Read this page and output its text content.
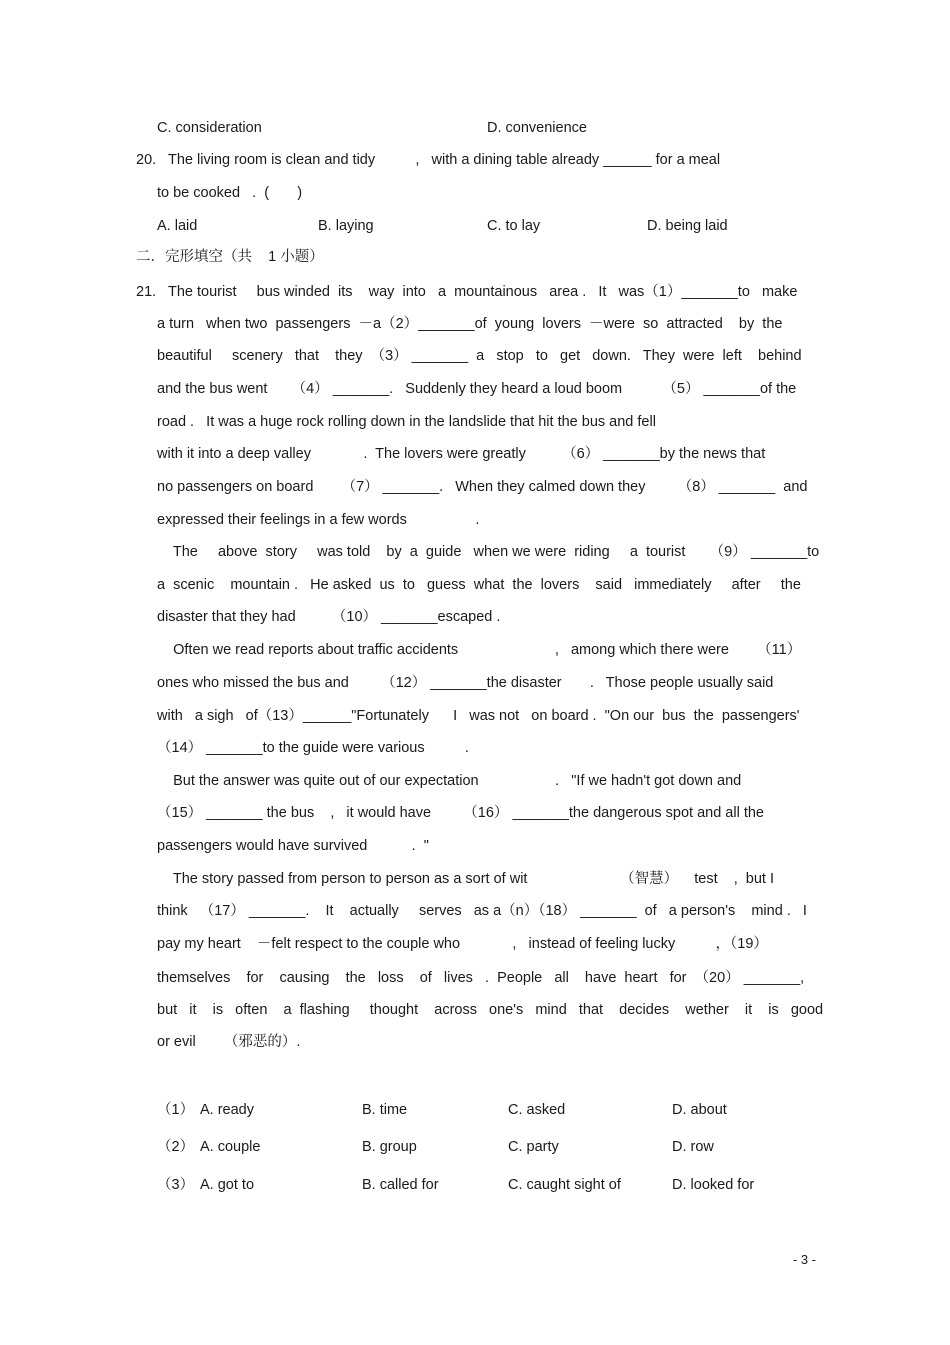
C. consideration	D. convenience
20.   The living room is clean and tidy          ,   with a dining table already ______ for a meal
to be cooked   .  (       )
A. laid	B. laying	C. to lay	D. being laid
二．完形填空（共    1 小题）
21.   The tourist     bus winded  its    way  into   a  mountainous   area .   It   was（1）_______to   make
a turn   when two  passengers  －a（2）_______of  young  lovers  －were  so  attracted    by  the
beautiful     scenery   that    they  （3） _______  a   stop   to   get   down.   They  were  left    behind
and the bus went      （4） _______.   Suddenly they heard a loud boom          （5） _______of the
road .   It was a huge rock rolling down in the landslide that hit the bus and fell
with it into a deep valley             .  The lovers were greatly         （6） _______by the news that
no passengers on board       （7） _______.   When they calmed down they        （8） _______  and
expressed their feelings in a few words                 .
The     above  story     was told    by  a  guide   when we were  riding     a  tourist      （9） _______to
a  scenic    mountain .   He asked  us  to   guess  what  the  lovers    said   immediately     after     the
disaster that they had         （10） _______escaped .
Often we read reports about traffic accidents                        ,   among which there were       （11）
ones who missed the bus and        （12） _______the disaster       .   Those people usually said
with   a sigh   of（13）______"Fortunately      I   was not   on board .  "On our  bus  the  passengers'
（14） _______to the guide were various          .
But the answer was quite out of our expectation                   .   "If we hadn't got down and
（15） _______ the bus    ,   it would have        （16） _______the dangerous spot and all the
passengers would have survived           .  "
The story passed from person to person as a sort of wit                       （智慧）    test    ,  but I
think   （17） _______.    It    actually     serves   as a（n）（18） _______  of   a person's    mind .   I
pay my heart    －felt respect to the couple who             ,   instead of feeling lucky          ，（19）
themselves    for    causing    the   loss    of   lives   .  People   all    have  heart   for  （20） _______,
but   it    is   often    a  flashing     thought    across   one's   mind   that    decides    wether    it    is   good
or evil       （邪恶的）.
（1） A. ready	B. time	C. asked	D. about
（2） A. couple	B. group	C. party	D. row
（3） A. got to	B. called for	C. caught sight of	D. looked for
- 3 -
